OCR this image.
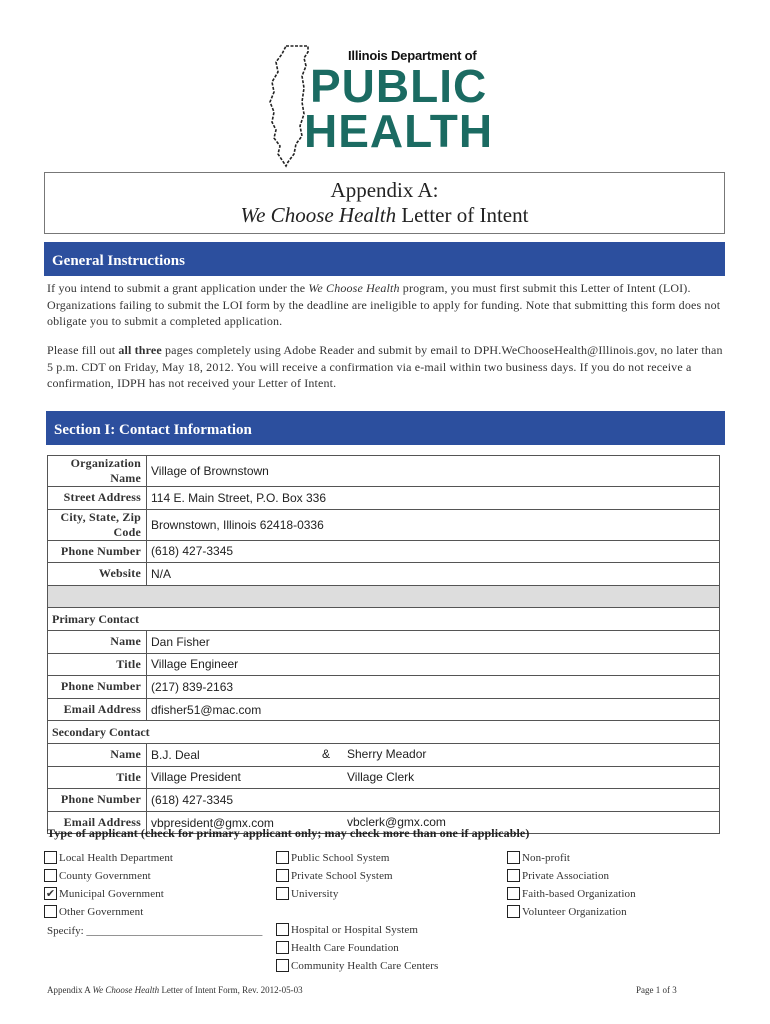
Illinois Department of
PUBLIC
HEALTH
Appendix A:
We Choose Health Letter of Intent
General Instructions
If you intend to submit a grant application under the We Choose Health program, you must first submit this Letter of Intent (LOI). Organizations failing to submit the LOI form by the deadline are ineligible to apply for funding. Note that submitting this form does not obligate you to submit a completed application.
Please fill out all three pages completely using Adobe Reader and submit by email to DPH.WeChooseHealth@Illinois.gov, no later than 5 p.m. CDT on Friday, May 18, 2012. You will receive a confirmation via e-mail within two business days. If you do not receive a confirmation, IDPH has not received your Letter of Intent.
Section I: Contact Information
Organization Name	Village of Brownstown
Street Address	114 E. Main Street, P.O. Box 336
City, State, Zip Code	Brownstown, Illinois 62418-0336
Phone Number	(618) 427-3345
Website	N/A

Primary Contact	
Name	Dan Fisher
Title	Village Engineer
Phone Number	(217) 839-2163
Email Address	dfisher51@mac.com
Secondary Contact	
Name	B.J. Deal & Sherry Meador

Title	Village President Village Clerk

Phone Number	(618) 427-3345
Email Address	vbpresident@gmx.com vbclerk@gmx.com
Type of applicant (check for primary applicant only; may check more than one if applicable)
Local Health Department
County Government
✔ Municipal Government
Other Government
Public School System
Private School System
University
Hospital or Hospital System
Health Care Foundation
Community Health Care Centers
Non-profit
Private Association
Faith-based Organization
Volunteer Organization
Specify: ________________________________
Appendix A We Choose Health Letter of Intent Form, Rev. 2012-05-03	Page 1 of 3
